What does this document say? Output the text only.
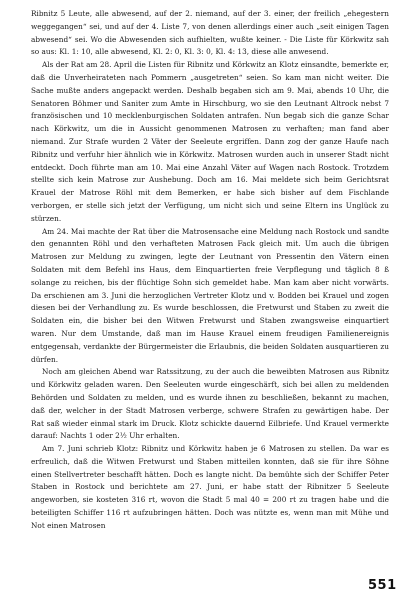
Ribnitz 5 Leute, alle abwesend, auf der 2. niemand, auf der 3. einer, der freilich „ehegestern weggegangen“ sei, und auf der 4. Liste 7, von denen allerdings einer auch „seit einigen Tagen abwesend“ sei. Wo die Abwesenden sich aufhielten, wußte keiner. - Die Liste für Körkwitz sah so aus: Kl. 1: 10, alle abwesend, Kl. 2: 0, Kl. 3: 0, Kl. 4: 13, diese alle anwesend.

Als der Rat am 28. April die Listen für Ribnitz und Körkwitz an Klotz einsandte, bemerkte er, daß die Unverheirateten nach Pommern „ausgetreten“ seien. So kam man nicht weiter. Die Sache mußte anders angepackt werden. Deshalb begaben sich am 9. Mai, abends 10 Uhr, die Senatoren Böhmer und Saniter zum Amte in Hirschburg, wo sie den Leutnant Altrock nebst 7 französischen und 10 mecklenburgischen Soldaten antrafen. Nun begab sich die ganze Schar nach Körkwitz, um die in Aussicht genommenen Matrosen zu verhaften; man fand aber niemand. Zur Strafe wurden 2 Väter der Seeleute ergriffen. Dann zog der ganze Haufe nach Ribnitz und verfuhr hier ähnlich wie in Körkwitz. Matrosen wurden auch in unserer Stadt nicht entdeckt. Doch führte man am 10. Mai eine Anzahl Väter auf Wagen nach Rostock. Trotzdem stellte sich kein Matrose zur Aushebung. Doch am 16. Mai meldete sich beim Gerichtsrat Krauel der Matrose Röhl mit dem Bemerken, er habe sich bisher auf dem Fischlande verborgen, er stelle sich jetzt der Verfügung, um nicht sich und seine Eltern ins Unglück zu stürzen.

Am 24. Mai machte der Rat über die Matrosensache eine Meldung nach Rostock und sandte den genannten Röhl und den verhafteten Matrosen Fack gleich mit. Um auch die übrigen Matrosen zur Meldung zu zwingen, legte der Leutnant von Pressentin den Vätern einen Soldaten mit dem Befehl ins Haus, dem Einquartierten freie Verpflegung und täglich 8 ß solange zu reichen, bis der flüchtige Sohn sich gemeldet habe. Man kam aber nicht vorwärts. Da erschienen am 3. Juni die herzoglichen Vertreter Klotz und v. Bodden bei Krauel und zogen diesen bei der Verhandlung zu. Es wurde beschlossen, die Fretwurst und Staben zu zweit die Soldaten ein, die bisher bei den Witwen Fretwurst und Staben zwangsweise einquartiert waren. Nur dem Umstande, daß man im Hause Krauel einem freudigen Familienereignis entgegensah, verdankte der Bürgermeister die Erlaubnis, die beiden Soldaten ausquartieren zu dürfen.

Noch am gleichen Abend war Ratssitzung, zu der auch die beweibten Matrosen aus Ribnitz und Körkwitz geladen waren. Den Seeleuten wurde eingeschärft, sich bei allen zu meldenden Behörden und Soldaten zu melden, und es wurde ihnen zu beschließen, bekannt zu machen, daß der, welcher in der Stadt Matrosen verberge, schwere Strafen zu gewärtigen habe. Der Rat saß wieder einmal stark im Druck. Klotz schickte dauernd Eilbriefe. Und Krauel vermerkte darauf: Nachts 1 oder 2½ Uhr erhalten.

Am 7. Juni schrieb Klotz: Ribnitz und Körkwitz haben je 6 Matrosen zu stellen. Da war es erfreulich, daß die Witwen Fretwurst und Staben mitteilen konnten, daß sie für ihre Söhne einen Stellvertreter beschafft hätten. Doch es langte nicht. Da bemühte sich der Schiffer Peter Staben in Rostock und berichtete am 27. Juni, er habe statt der Ribnitzer 5 Seeleute angeworben, sie kosteten 316 rt, wovon die Stadt 5 mal 40 = 200 rt zu tragen habe und die beteiligten Schiffer 116 rt aufzubringen hätten. Doch was nützte es, wenn man mit Mühe und Not einen Matrosen

551
